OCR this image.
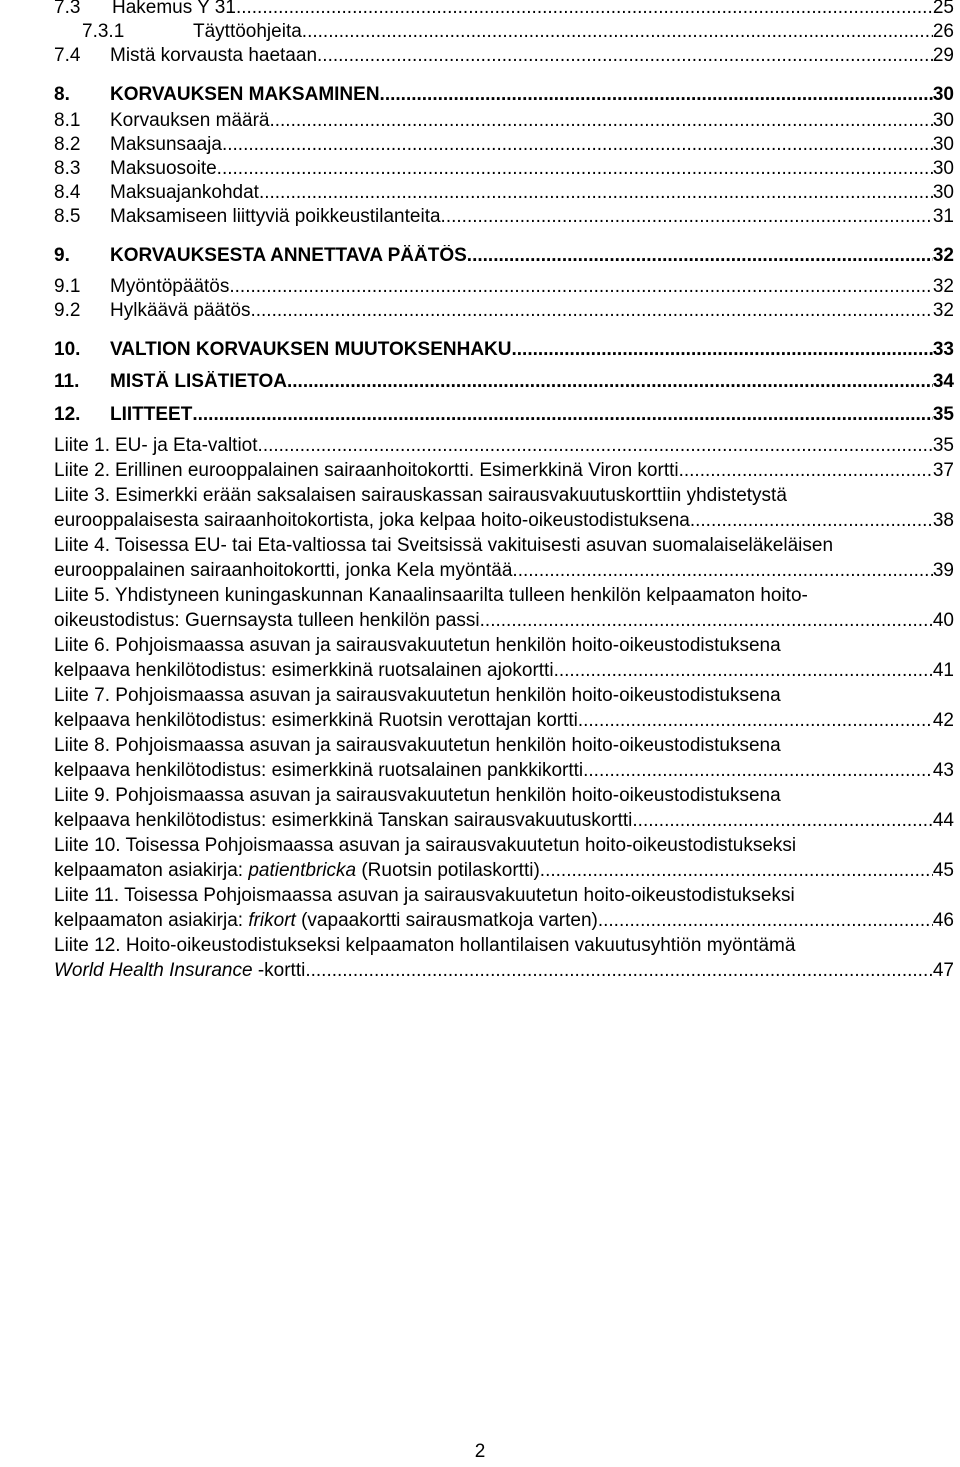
7.3	Hakemus Y 31 .....	25
7.3.1	Täyttöohjeita .....	26
7.4	Mistä korvausta haetaan .....	29
8.	KORVAUKSEN MAKSAMINEN .....	30
8.1	Korvauksen määrä .....	30
8.2	Maksunsaaja .....	30
8.3	Maksuosoite .....	30
8.4	Maksuajankohdat .....	30
8.5	Maksamiseen liittyviä poikkeustilanteita .....	31
9.	KORVAUKSESTA ANNETTAVA PÄÄTÖS .....	32
9.1	Myöntöpäätös .....	32
9.2	Hylkäävä päätös .....	32
10.	VALTION KORVAUKSEN MUUTOKSENHAKU .....	33
11.	MISTÄ LISÄTIETOA .....	34
12.	LIITTEET .....	35
Liite 1. EU- ja Eta-valtiot. .....	35
Liite 2. Erillinen eurooppalainen sairaanhoitokortti. Esimerkkinä Viron kortti. .....	37
Liite 3. Esimerkki erään saksalaisen sairauskassan sairausvakuutuskorttiin yhdistetystä
eurooppalaisesta sairaanhoitokortista, joka kelpaa hoito-oikeustodistuksena. .....	38
Liite 4. Toisessa EU- tai Eta-valtiossa tai Sveitsissä vakituisesti asuvan suomalaiseläkeläisen
eurooppalainen sairaanhoitokortti, jonka Kela myöntää. .....	39
Liite 5. Yhdistyneen kuningaskunnan Kanaalinsaarilta tulleen henkilön kelpaamaton hoito-
oikeustodistus: Guernsaysta tulleen henkilön passi. .....	40
Liite 6. Pohjoismaassa asuvan ja sairausvakuutetun henkilön hoito-oikeustodistuksena
kelpaava henkilötodistus: esimerkkinä ruotsalainen ajokortti .....	41
Liite 7. Pohjoismaassa asuvan ja sairausvakuutetun henkilön hoito-oikeustodistuksena
kelpaava henkilötodistus: esimerkkinä Ruotsin verottajan kortti. .....	42
Liite 8. Pohjoismaassa asuvan ja sairausvakuutetun henkilön hoito-oikeustodistuksena
kelpaava henkilötodistus: esimerkkinä ruotsalainen pankkikortti. .....	43
Liite 9. Pohjoismaassa asuvan ja sairausvakuutetun henkilön hoito-oikeustodistuksena
kelpaava henkilötodistus: esimerkkinä Tanskan sairausvakuutuskortti .....	44
Liite 10. Toisessa Pohjoismaassa asuvan ja sairausvakuutetun hoito-oikeustodistukseksi
kelpaamaton asiakirja: patientbricka (Ruotsin potilaskortti). .....	45
Liite 11. Toisessa Pohjoismaassa asuvan ja sairausvakuutetun hoito-oikeustodistukseksi
kelpaamaton asiakirja: frikort (vapaakortti sairausmatkoja varten). .....	46
Liite 12. Hoito-oikeustodistukseksi kelpaamaton hollantilaisen vakuutusyhtiön myöntämä
World Health Insurance -kortti .....	47
2
